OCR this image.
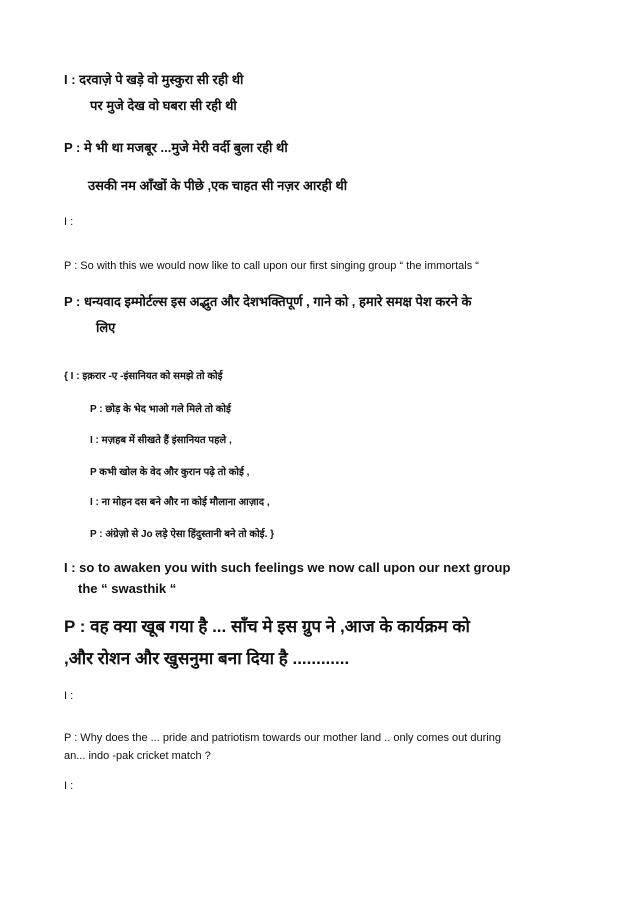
I : दरवाज़े पे खड़े वो मुस्कुरा सी रही थी
पर मुजे देख वो घबरा सी रही थी
P : मे भी था मजबूर ...मुजे मेरी वर्दी बुला रही थी
उसकी नम आँखों के पीछे ,एक चाहत सी नज़र आरही थी
I :
P : So with this we would now like to call upon our first singing group “ the immortals “
P : धन्यवाद इम्मोर्टल्स इस अद्भुत और देशभक्तिपूर्ण , गाने को , हमारे समक्ष पेश करने के
लिए
{ I : इक़रार -ए -इंसानियत को समझे तो कोई
P : छोड़ के भेद भाओ गले मिले तो कोई
I : मज़हब में सीखते हैं इंसानियत पहले ,
P कभी खोल के वेद और कुरान पढ़े तो कोई ,
I : ना मोहन दस बने और ना कोई मौलाना आज़ाद ,
P : अंग्रेज़ो से Jo लड़े ऐसा हिंदुस्तानी बने तो कोई. }
I : so to awaken you with such feelings we now call upon our next group
the “ swasthik “
P : वह क्या खूब गया है ... साँच मे इस ग्रुप ने ,आज के कार्यक्रम को
,और रोशन और खुसनुमा बना दिया है ............
I :
P : Why does the ... pride and patriotism towards our mother land .. only comes out during
an... indo -pak cricket match ?
I :
